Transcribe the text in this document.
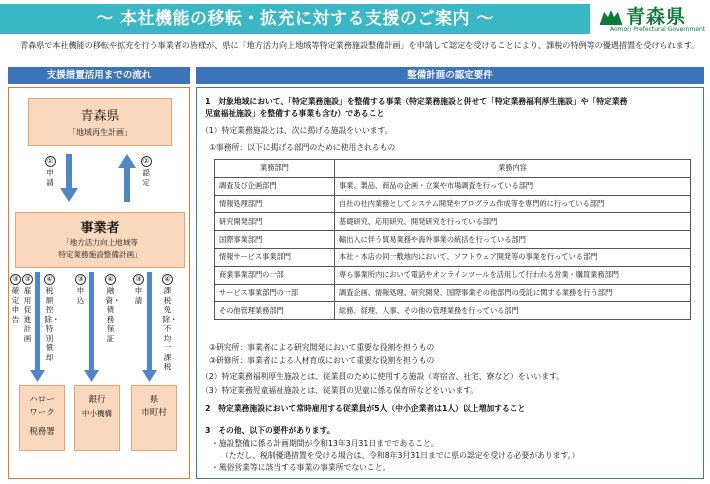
～ 本社機能の移転・拡充に対する支援のご案内 ～	青森県
Aomori Prefectural Government
青森県で本社機能の移転や拡充を行う事業者の皆様が、県に「地方活力向上地域等特定業務施設整備計画」を申請して認定を受けることにより、課税の特例等の優遇措置を受けられます。
支援措置活用までの流れ
青森県
「地域再生計画」
①
申請
②
認定
事業者
「地方活力向上地域等
特定業務施設整備計画」
③
確定申告
③
雇用促進計画
④
税額控除・特別償却
③
申込
④
融資・債務保証
③
申請
④
課税免除・不均一課税
ハロー
ワーク
税務署
銀行
中小機構
県
市町村
整備計画の認定要件
1　対象地域において、「特定業務施設」を整備する事業（特定業務施設と併せて「特定業務福利厚生施設」や「特定業務
児童福祉施設」を整備する事業も含む）であること
（1）特定業務施設とは、次に掲げる施設をいいます。
①事務所：以下に掲げる部門のために使用されるもの
業務部門	業務内容
調査及び企画部門	事業、製品、商品の企画・立案や市場調査を行っている部門
情報処理部門	自社の社内業務としてシステム開発やプログラム作成等を専門的に行っている部門
研究開発部門	基礎研究、応用研究、開発研究を行っている部門
国際事業部門	輸出入に伴う貿易業務や海外事業の統括を行っている部門
情報サービス事業部門	本社・本店の同一敷地内において、ソフトウェア開発等の事業を行っている部門
商業事業部門の一部	専ら事業所内において電話やオンラインツールを活用して行われる営業・購買業務部門
サービス事業部門の一部	調査企画、情報処理、研究開発、国際事業その他部門の受託に関する業務を行う部門
その他管理業務部門	総務、経理、人事、その他の管理業務を行っている部門
②研究所：事業者による研究開発において重要な役割を担うもの
③研修所：事業者による人材育成において重要な役割を担うもの
（2）特定業務福利厚生施設とは、従業員のために使用する施設（寄宿舎、社宅、寮など）をいいます。
（3）特定業務児童福祉施設とは、従業員の児童に係る保育所などをいいます。
2　特定業務施設において常時雇用する従業員が5人（中小企業者は1人）以上増加すること
3　その他、以下の要件があります。
・施設整備に係る計画期間が令和13年3月31日までであること。
（ただし、税制優遇措置を受ける場合は、令和8年3月31日までに県の認定を受ける必要があります。）
・風俗営業等に該当する事業の事業所でないこと。
